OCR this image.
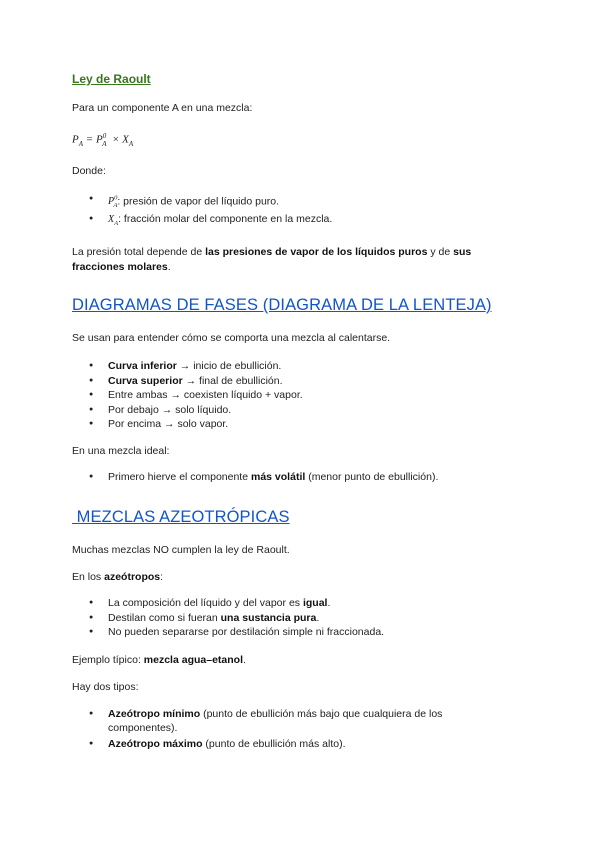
Ley de Raoult
Para un componente A en una mezcla:
$P_A = P^0_A \times X_A$
Donde:
● $P^0_A$: presión de vapor del líquido puro.
● $X_A$: fracción molar del componente en la mezcla.
La presión total depende de las presiones de vapor de los líquidos puros y de sus
fracciones molares.
DIAGRAMAS DE FASES (DIAGRAMA DE LA LENTEJA)
Se usan para entender cómo se comporta una mezcla al calentarse.
● Curva inferior → inicio de ebullición.
● Curva superior → final de ebullición.
● Entre ambas → coexisten líquido + vapor.
● Por debajo → solo líquido.
● Por encima → solo vapor.
En una mezcla ideal:
● Primero hierve el componente más volátil (menor punto de ebullición).
MEZCLAS AZEOTRÓPICAS
Muchas mezclas NO cumplen la ley de Raoult.
En los azeótropos:
● La composición del líquido y del vapor es igual.
● Destilan como si fueran una sustancia pura.
● No pueden separarse por destilación simple ni fraccionada.
Ejemplo típico: mezcla agua–etanol.
Hay dos tipos:
● Azeótropo mínimo (punto de ebullición más bajo que cualquiera de los componentes).
● Azeótropo máximo (punto de ebullición más alto).
